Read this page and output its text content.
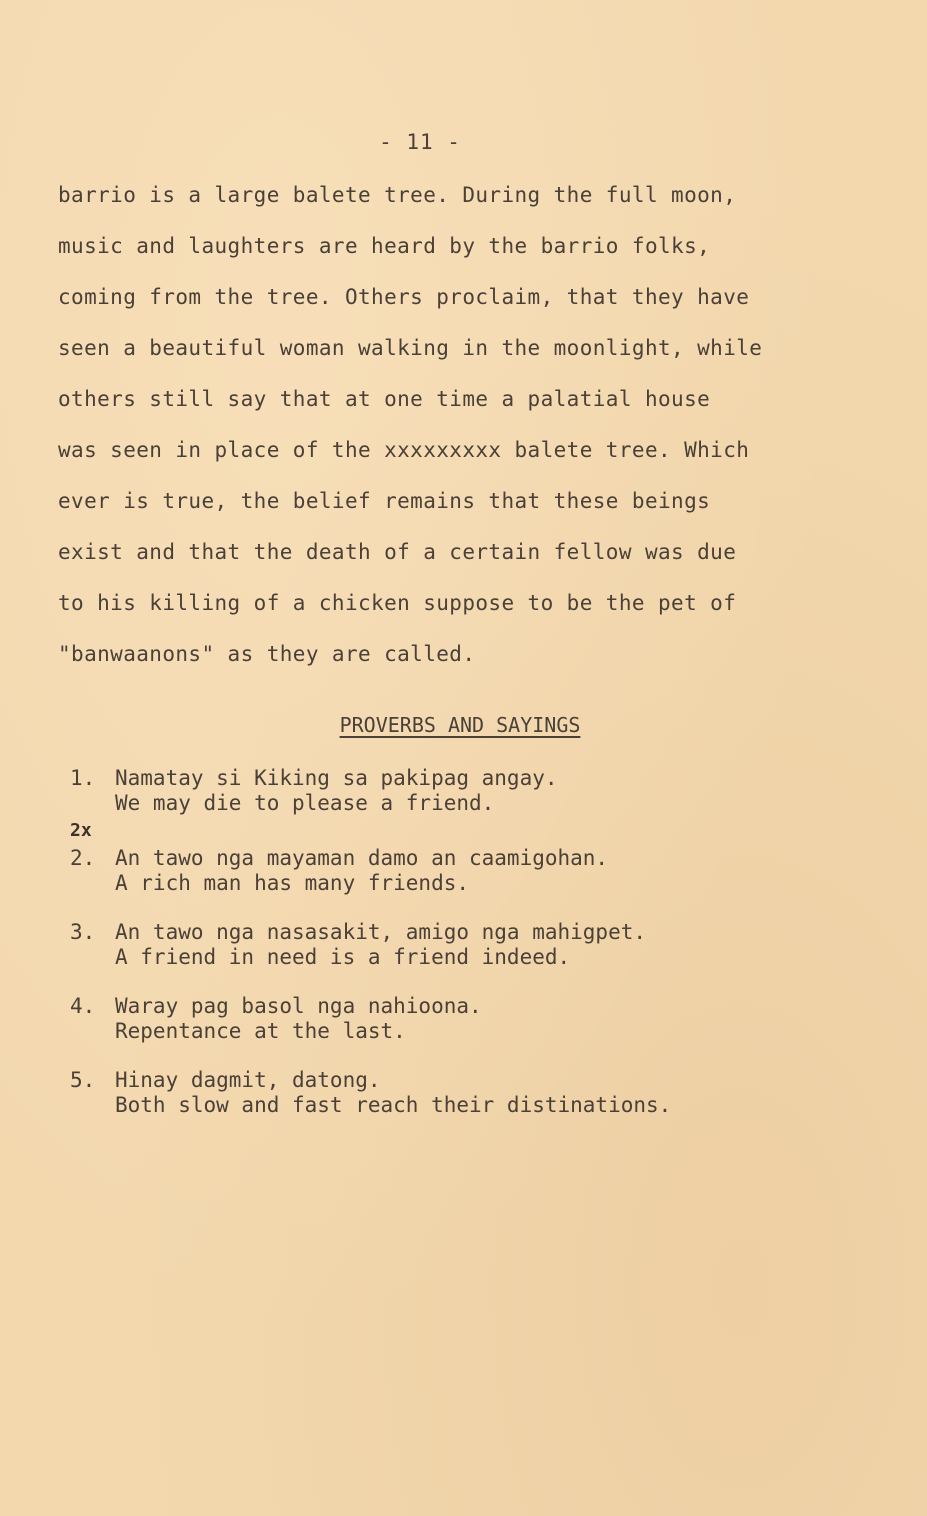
- 11 -
barrio is a large balete tree. During the full moon,
music and laughters are heard by the barrio folks,
coming from the tree. Others proclaim, that they have
seen a beautiful woman walking in the moonlight, while
others still say that at one time a palatial house
was seen in place of the xxxxxxxxx balete tree. Which
ever is true, the belief remains that these beings
exist and that the death of a certain fellow was due
to his killing of a chicken suppose to be the pet of
"banwaanons" as they are called.
PROVERBS AND SAYINGS
1. Namatay si Kiking sa pakipag angay.
We may die to please a friend.
2x
2. An tawo nga mayaman damo an caamigohan.
A rich man has many friends.
3. An tawo nga nasasakit, amigo nga mahigpet.
A friend in need is a friend indeed.
4. Waray pag basol nga nahioona.
Repentance at the last.
5. Hinay dagmit, datong.
Both slow and fast reach their distinations.
